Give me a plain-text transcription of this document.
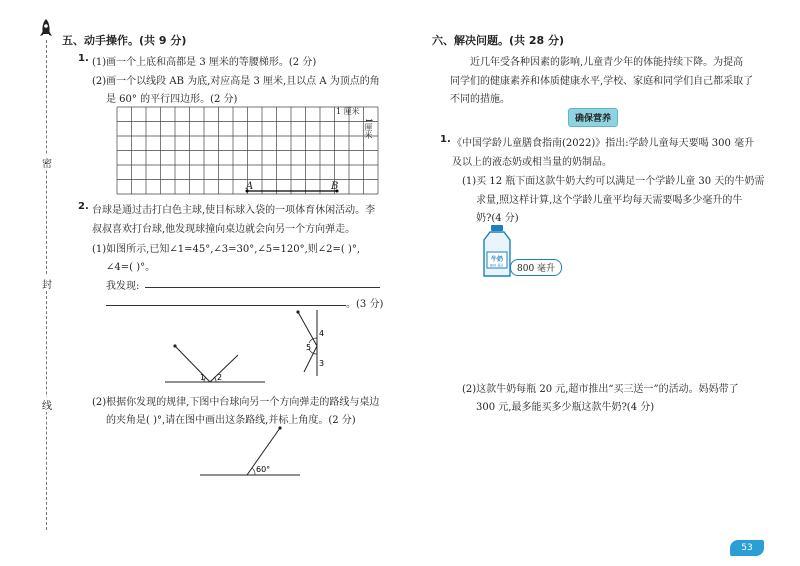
密
封
线
五、动手操作。(共 9 分)
1. (1)画一个上底和高都是 3 厘米的等腰梯形。(2 分)
(2)画一个以线段 AB 为底,对应高是 3 厘米,且以点 A 为顶点的角
是 60° 的平行四边形。(2 分)
A	B
1 厘米
1厘米
2. 台球是通过击打白色主球,使目标球入袋的一项体育休闲活动。李
叔叔喜欢打台球,他发现球撞向桌边就会向另一个方向弹走。
(1)如图所示,已知∠1=45°,∠3=30°,∠5=120°,则∠2=( )°,
∠4=( )°。
我发现:
。(3 分)
1 2
4
5
3
(2)根据你发现的规律,下图中台球向另一个方向弹走的路线与桌边
的夹角是( )°,请在图中画出这条路线,并标上角度。(2 分)
60°
六、解决问题。(共 28 分)
近几年受各种因素的影响,儿童青少年的体能持续下降。为提高
同学们的健康素养和体质健康水平,学校、家庭和同学们自己都采取了
不同的措施。
确保营养
1. 《中国学龄儿童膳食指南(2022)》指出:学龄儿童每天要喝 300 毫升
及以上的液态奶或相当量的奶制品。
(1)买 12 瓶下面这款牛奶大约可以满足一个学龄儿童 30 天的牛奶需
求量,照这样计算,这个学龄儿童平均每天需要喝多少毫升的牛
奶?(4 分)
牛奶
800 毫升	800 毫升
(2)这款牛奶每瓶 20 元,超市推出“买三送一”的活动。妈妈带了
300 元,最多能买多少瓶这款牛奶?(4 分)
53
